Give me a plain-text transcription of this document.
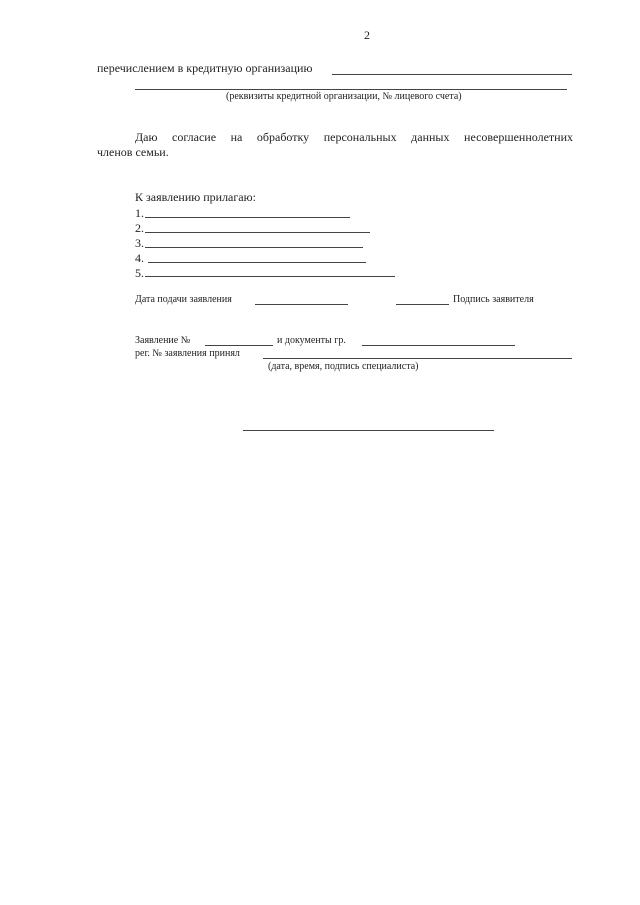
2
перечислением в кредитную организацию
(реквизиты кредитной организации, № лицевого счета)
Даю согласие на обработку персональных данных несовершеннолетних
членов семьи.
К заявлению прилагаю:
1.
2.
3.
4.
5.
Дата подачи заявления	Подпись заявителя
Заявление №	и документы гр.
рег. № заявления принял
(дата, время, подпись специалиста)
